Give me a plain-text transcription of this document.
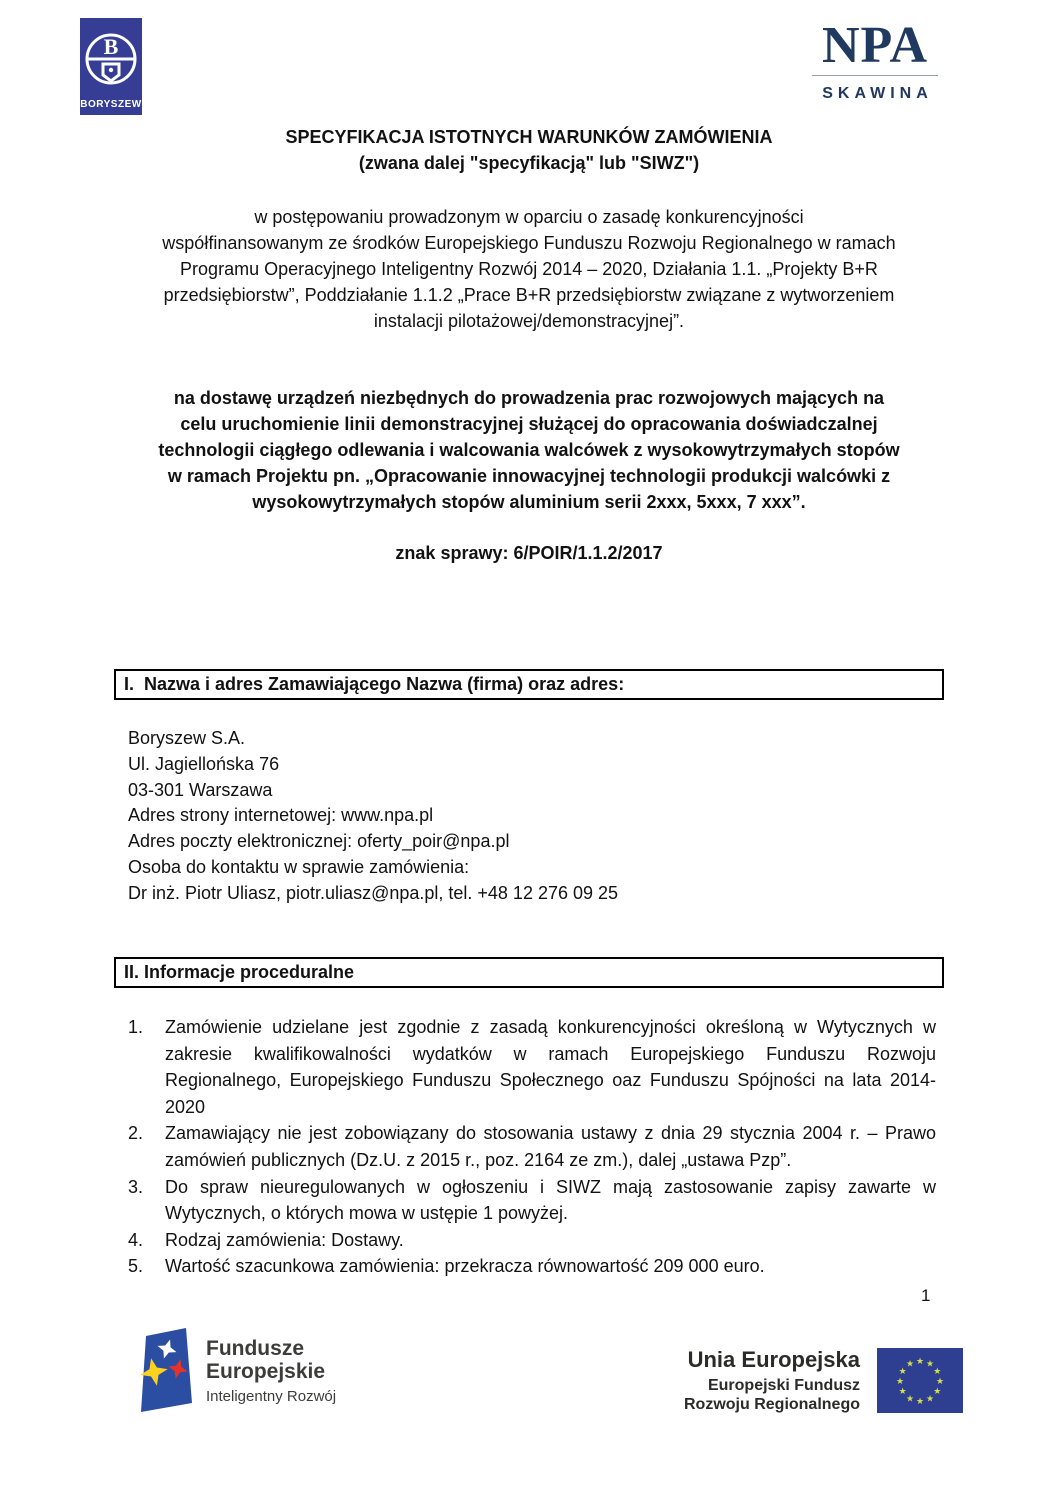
B
BORYSZEW
NPA
SKAWINA
SPECYFIKACJA ISTOTNYCH WARUNKÓW ZAMÓWIENIA
(zwana dalej "specyfikacją" lub "SIWZ")
w postępowaniu prowadzonym w oparciu o zasadę konkurencyjności
współfinansowanym ze środków Europejskiego Funduszu Rozwoju Regionalnego w ramach
Programu Operacyjnego Inteligentny Rozwój 2014 – 2020, Działania 1.1. „Projekty B+R
przedsiębiorstw”, Poddziałanie 1.1.2 „Prace B+R przedsiębiorstw związane z wytworzeniem
instalacji pilotażowej/demonstracyjnej”.
na dostawę urządzeń niezbędnych do prowadzenia prac rozwojowych mających na
celu uruchomienie linii demonstracyjnej służącej do opracowania doświadczalnej
technologii ciągłego odlewania i walcowania walcówek z wysokowytrzymałych stopów
w ramach Projektu pn. „Opracowanie innowacyjnej technologii produkcji walcówki z
wysokowytrzymałych stopów aluminium serii 2xxx, 5xxx, 7 xxx”.
znak sprawy: 6/POIR/1.1.2/2017
I.  Nazwa i adres Zamawiającego Nazwa (firma) oraz adres:
Boryszew S.A.
Ul. Jagiellońska 76
03-301 Warszawa
Adres strony internetowej: www.npa.pl
Adres poczty elektronicznej: oferty_poir@npa.pl
Osoba do kontaktu w sprawie zamówienia:
Dr inż. Piotr Uliasz, piotr.uliasz@npa.pl, tel. +48 12 276 09 25
II. Informacje proceduralne
1.	Zamówienie udzielane jest zgodnie z zasadą konkurencyjności określoną w Wytycznych w zakresie kwalifikowalności wydatków w ramach Europejskiego Funduszu Rozwoju Regionalnego, Europejskiego Funduszu Społecznego oaz Funduszu Spójności na lata 2014-2020
2.	Zamawiający nie jest zobowiązany do stosowania ustawy z dnia 29 stycznia 2004 r. – Prawo zamówień publicznych (Dz.U. z 2015 r., poz. 2164 ze zm.), dalej „ustawa Pzp”.
3.	Do spraw nieuregulowanych w ogłoszeniu i SIWZ mają zastosowanie zapisy zawarte w Wytycznych, o których mowa w ustępie 1 powyżej.
4.	Rodzaj zamówienia: Dostawy.
5.	Wartość szacunkowa zamówienia: przekracza równowartość 209 000 euro.
1
Fundusze
Europejskie
Inteligentny Rozwój
Unia Europejska
Europejski Fundusz
Rozwoju Regionalnego
★ ★
★
★
★
★
★
★
★
★
★
★
